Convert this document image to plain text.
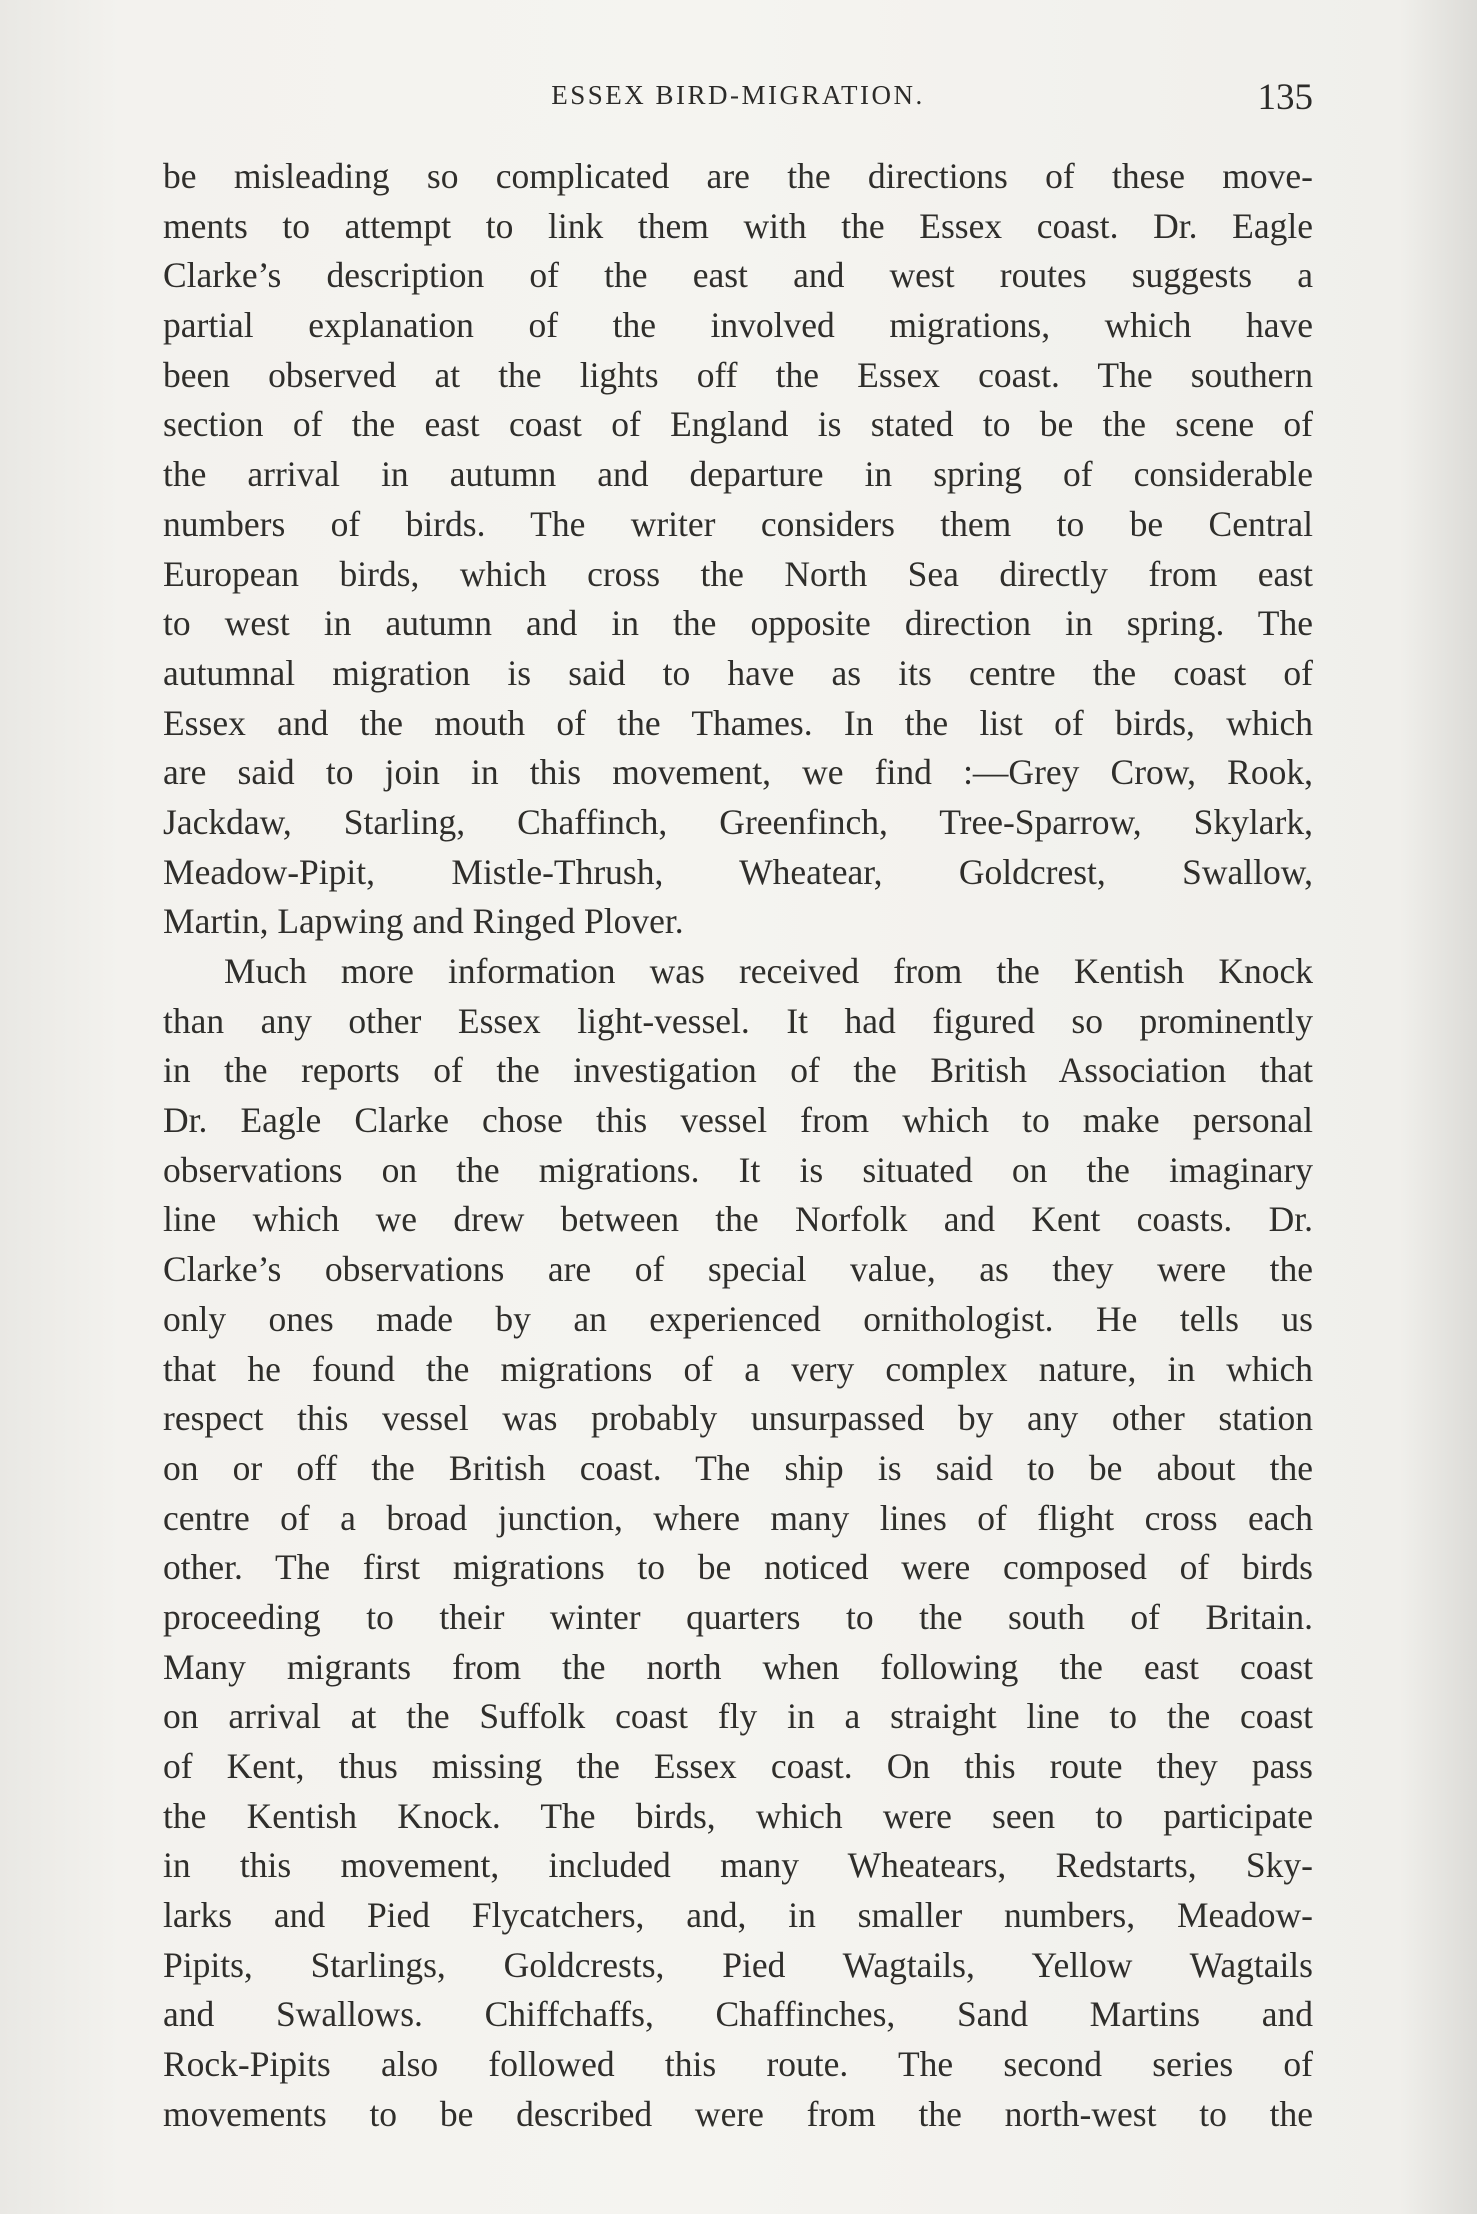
ESSEX BIRD-MIGRATION.	135
be misleading so complicated are the directions of these move-
ments to attempt to link them with the Essex coast. Dr. Eagle
Clarke’s description of the east and west routes suggests a
partial explanation of the involved migrations, which have
been observed at the lights off the Essex coast. The southern
section of the east coast of England is stated to be the scene of
the arrival in autumn and departure in spring of considerable
numbers of birds. The writer considers them to be Central
European birds, which cross the North Sea directly from east
to west in autumn and in the opposite direction in spring. The
autumnal migration is said to have as its centre the coast of
Essex and the mouth of the Thames. In the list of birds, which
are said to join in this movement, we find :—Grey Crow, Rook,
Jackdaw, Starling, Chaffinch, Greenfinch, Tree-Sparrow, Skylark,
Meadow-Pipit, Mistle-Thrush, Wheatear, Goldcrest, Swallow,
Martin, Lapwing and Ringed Plover.
Much more information was received from the Kentish Knock
than any other Essex light-vessel. It had figured so prominently
in the reports of the investigation of the British Association that
Dr. Eagle Clarke chose this vessel from which to make personal
observations on the migrations. It is situated on the imaginary
line which we drew between the Norfolk and Kent coasts. Dr.
Clarke’s observations are of special value, as they were the
only ones made by an experienced ornithologist. He tells us
that he found the migrations of a very complex nature, in which
respect this vessel was probably unsurpassed by any other station
on or off the British coast. The ship is said to be about the
centre of a broad junction, where many lines of flight cross each
other. The first migrations to be noticed were composed of birds
proceeding to their winter quarters to the south of Britain.
Many migrants from the north when following the east coast
on arrival at the Suffolk coast fly in a straight line to the coast
of Kent, thus missing the Essex coast. On this route they pass
the Kentish Knock. The birds, which were seen to participate
in this movement, included many Wheatears, Redstarts, Sky-
larks and Pied Flycatchers, and, in smaller numbers, Meadow-
Pipits, Starlings, Goldcrests, Pied Wagtails, Yellow Wagtails
and Swallows. Chiffchaffs, Chaffinches, Sand Martins and
Rock-Pipits also followed this route. The second series of
movements to be described were from the north-west to the
